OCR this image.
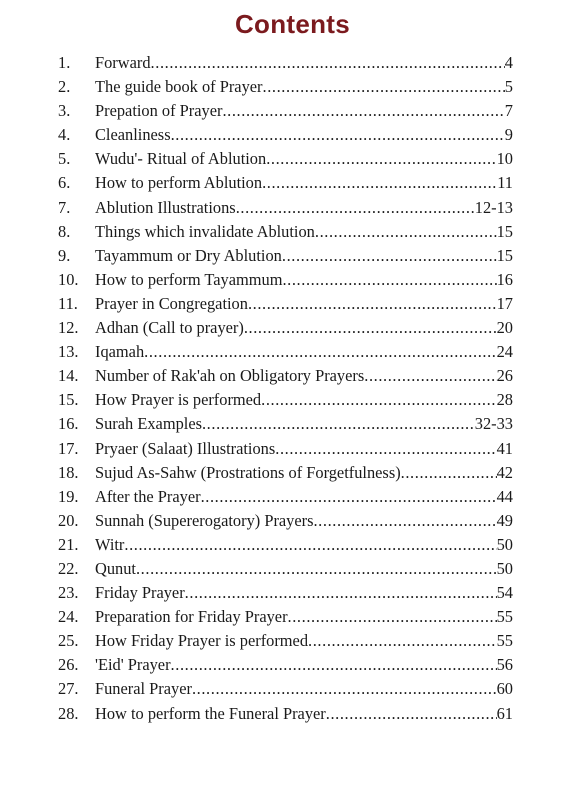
Contents
1.	Forward .....	4
2.	The guide book of Prayer .....	5
3.	Prepation of Prayer .....	7
4.	Cleanliness .....	9
5.	Wudu'- Ritual of Ablution .....	10
6.	How to perform Ablution .....	11
7.	Ablution Illustrations .....	12-13
8.	Things which invalidate Ablution .....	15
9.	Tayammum or Dry Ablution .....	15
10.	How to perform Tayammum .....	16
11.	Prayer in Congregation .....	17
12.	Adhan (Call to prayer) .....	20
13.	Iqamah .....	24
14.	Number of Rak'ah on Obligatory Prayers .....	26
15.	How Prayer is performed .....	28
16.	Surah Examples .....	32-33
17.	Pryaer (Salaat) Illustrations .....	41
18.	Sujud As-Sahw (Prostrations of Forgetfulness) .....	42
19.	After the Prayer .....	44
20.	Sunnah (Supererogatory) Prayers .....	49
21.	Witr .....	50
22.	Qunut .....	50
23.	Friday Prayer .....	54
24.	Preparation for Friday Prayer .....	55
25.	How Friday Prayer is performed .....	55
26.	'Eid' Prayer .....	56
27.	Funeral Prayer .....	60
28.	How to perform the Funeral Prayer .....	61
